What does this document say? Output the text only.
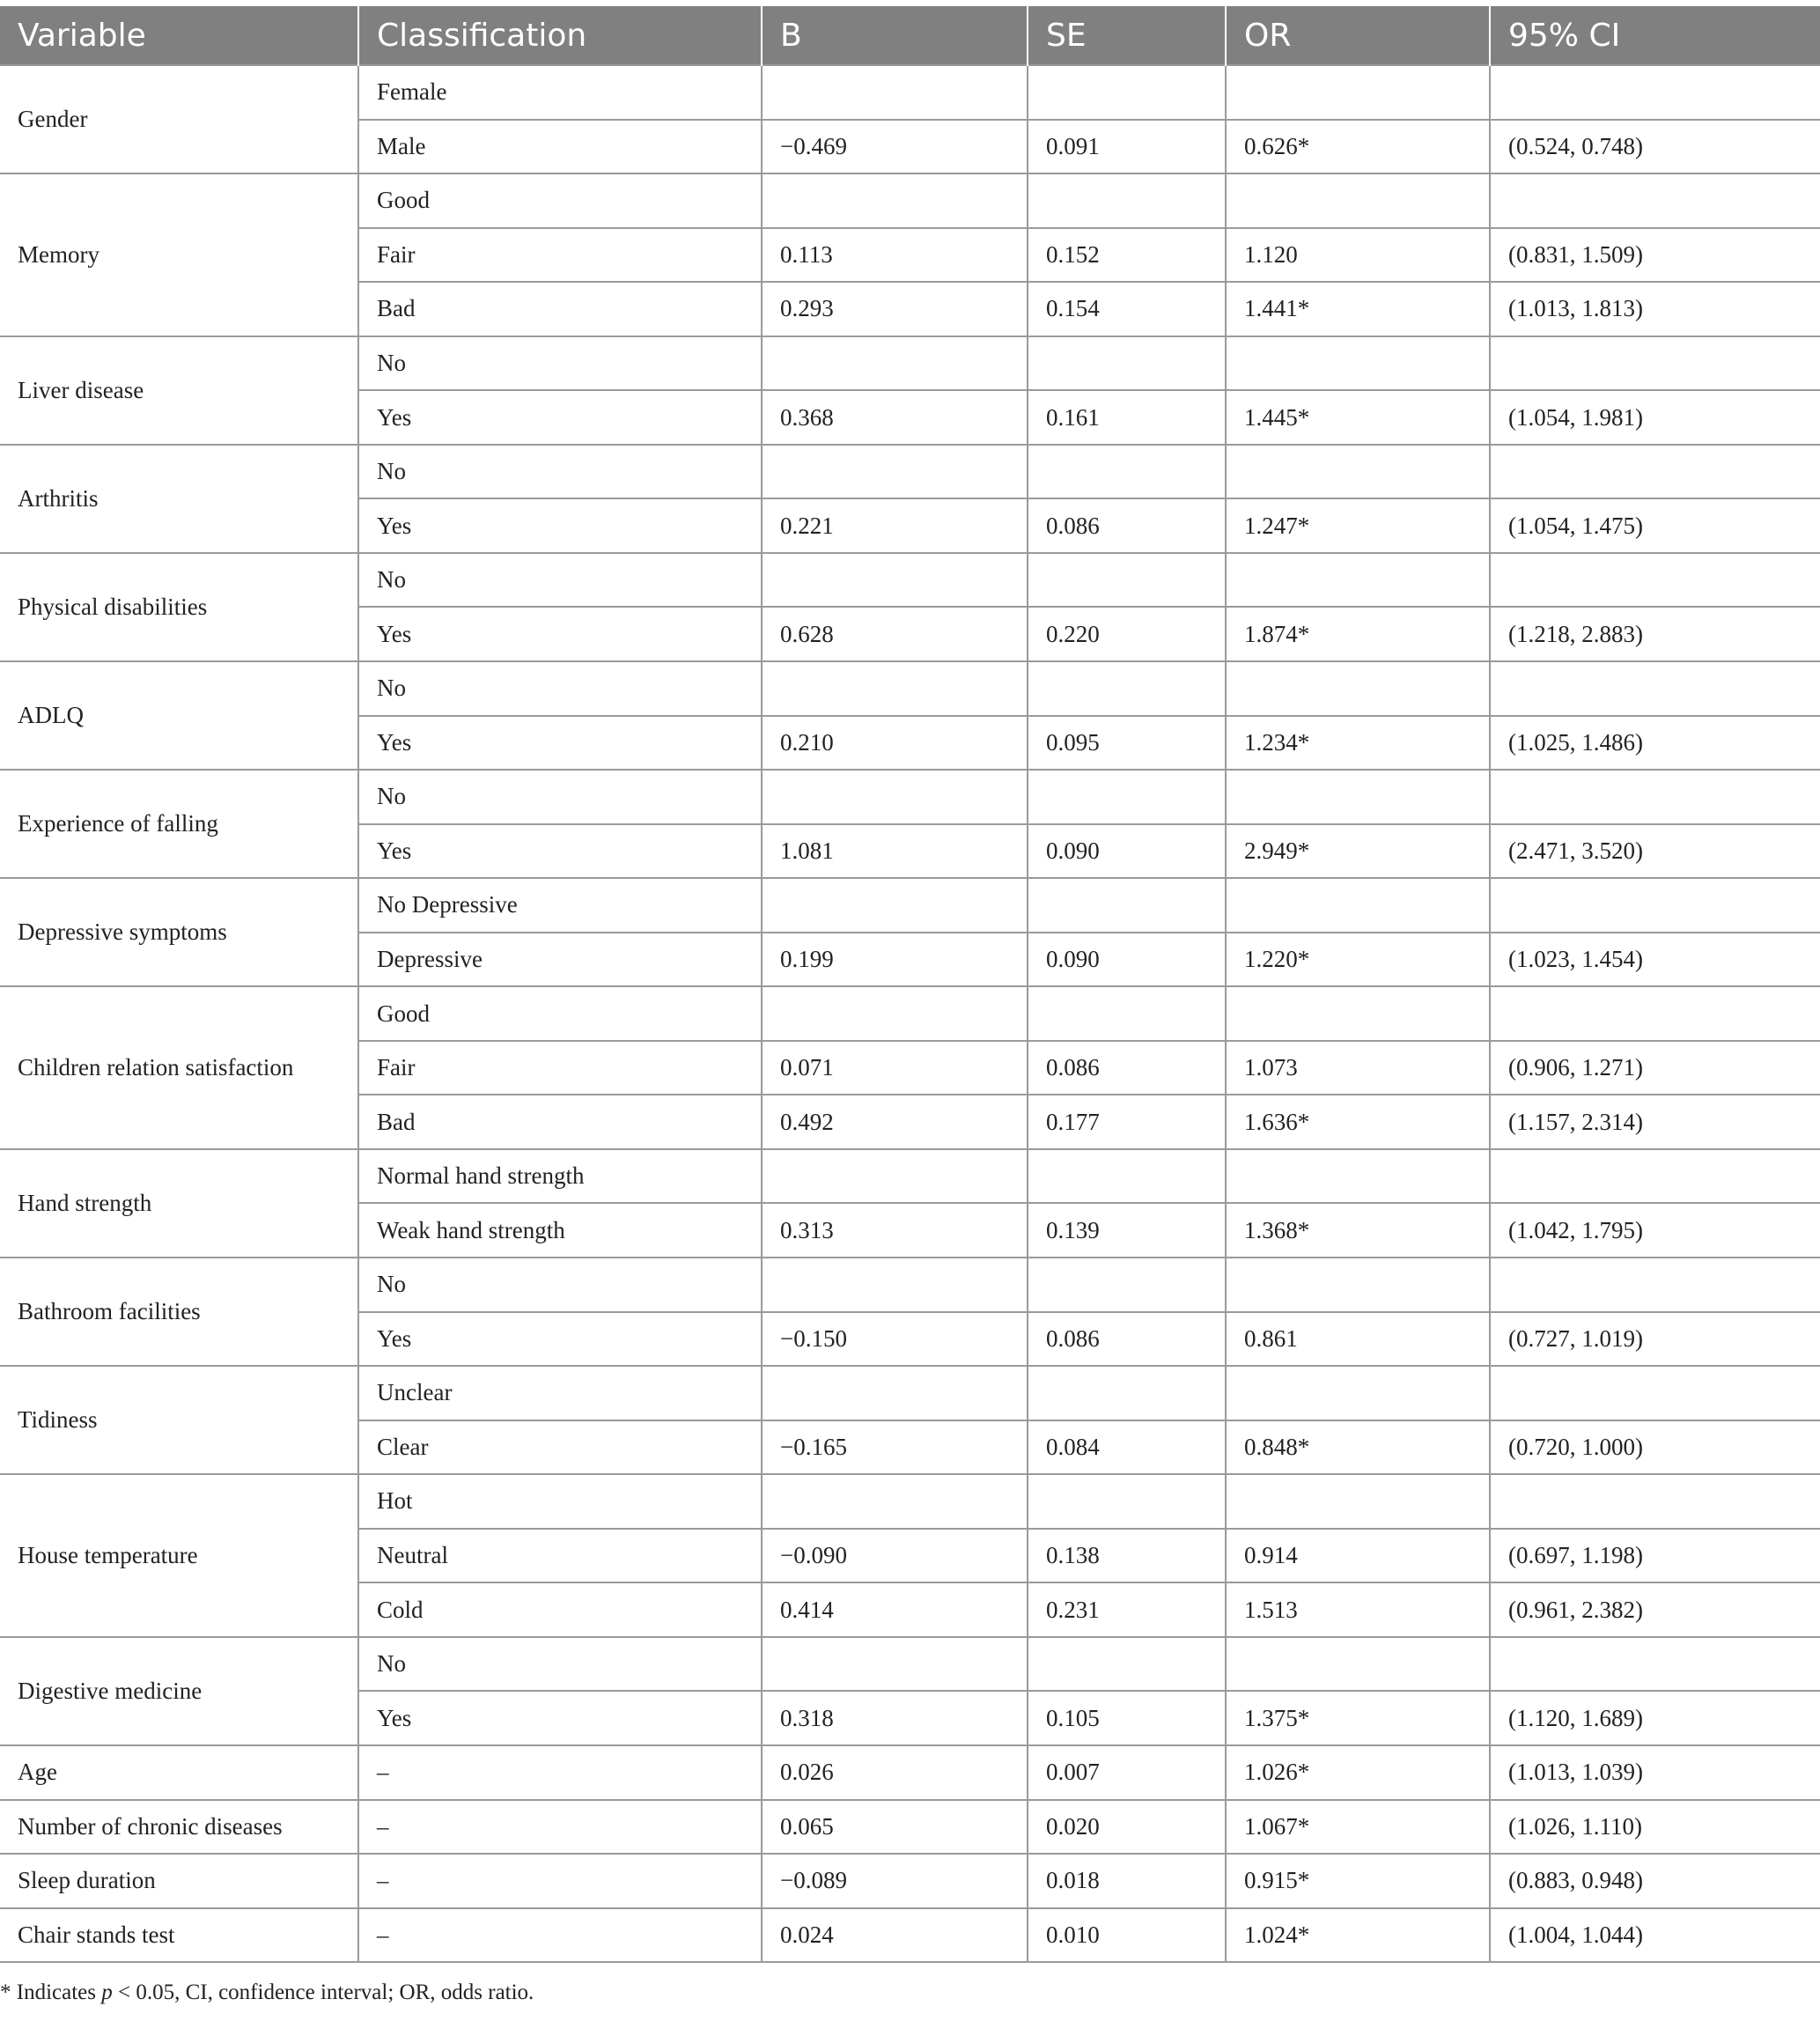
Variable	Classification	B	SE	OR	95% CI
Gender	Female				
	Male	−0.469	0.091	0.626*	(0.524, 0.748)
Memory	Good				
	Fair	0.113	0.152	1.120	(0.831, 1.509)
	Bad	0.293	0.154	1.441*	(1.013, 1.813)
Liver disease	No				
	Yes	0.368	0.161	1.445*	(1.054, 1.981)
Arthritis	No				
	Yes	0.221	0.086	1.247*	(1.054, 1.475)
Physical disabilities	No				
	Yes	0.628	0.220	1.874*	(1.218, 2.883)
ADLQ	No				
	Yes	0.210	0.095	1.234*	(1.025, 1.486)
Experience of falling	No				
	Yes	1.081	0.090	2.949*	(2.471, 3.520)
Depressive symptoms	No Depressive				
	Depressive	0.199	0.090	1.220*	(1.023, 1.454)
Children relation satisfaction	Good				
	Fair	0.071	0.086	1.073	(0.906, 1.271)
	Bad	0.492	0.177	1.636*	(1.157, 2.314)
Hand strength	Normal hand strength				
	Weak hand strength	0.313	0.139	1.368*	(1.042, 1.795)
Bathroom facilities	No				
	Yes	−0.150	0.086	0.861	(0.727, 1.019)
Tidiness	Unclear				
	Clear	−0.165	0.084	0.848*	(0.720, 1.000)
House temperature	Hot				
	Neutral	−0.090	0.138	0.914	(0.697, 1.198)
	Cold	0.414	0.231	1.513	(0.961, 2.382)
Digestive medicine	No				
	Yes	0.318	0.105	1.375*	(1.120, 1.689)
Age	–	0.026	0.007	1.026*	(1.013, 1.039)
Number of chronic diseases	–	0.065	0.020	1.067*	(1.026, 1.110)
Sleep duration	–	−0.089	0.018	0.915*	(0.883, 0.948)
Chair stands test	–	0.024	0.010	1.024*	(1.004, 1.044)
* Indicates p < 0.05, CI, confidence interval; OR, odds ratio.
